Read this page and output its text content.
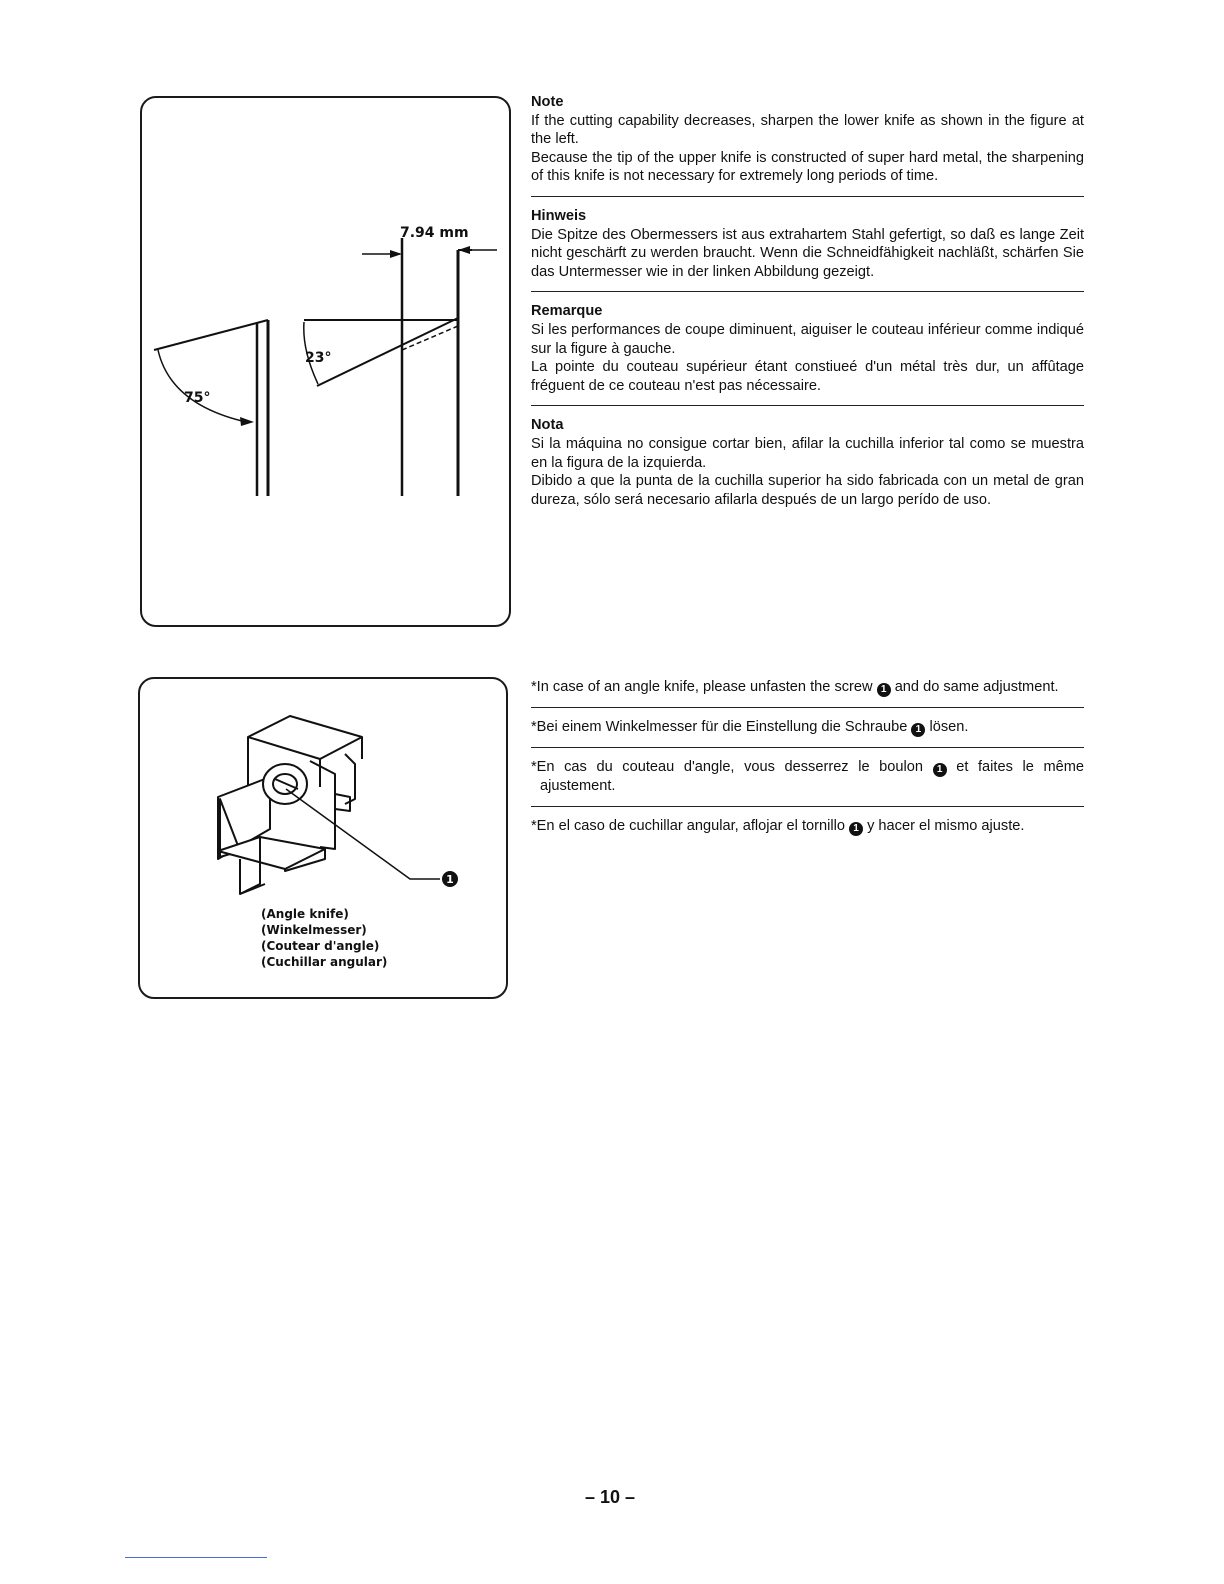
7.94 mm
23°
75°
1
(Angle knife)
(Winkelmesser)
(Coutear d'angle)
(Cuchillar angular)

Note

If the cutting capability decreases, sharpen the lower knife as shown in the figure at the left.

Because the tip of the upper knife is constructed of super hard metal, the sharpening of this knife is not necessary for extremely long periods of time.

Hinweis

Die Spitze des Obermessers ist aus extrahartem Stahl gefertigt, so daß es lange Zeit nicht geschärft zu werden braucht. Wenn die Schneidfähigkeit nachläßt, schärfen Sie das Untermesser wie in der linken Abbildung gezeigt.

Remarque

Si les performances de coupe diminuent, aiguiser le couteau inférieur comme indiqué sur la figure à gauche.

La pointe du couteau supérieur étant constiueé d'un métal très dur, un affûtage fréguent de ce couteau n'est pas nécessaire.

Nota

Si la máquina no consigue cortar bien, afilar la cuchilla inferior tal como se muestra en la figura de la izquierda.

Dibido a que la punta de la cuchilla superior ha sido fabricada con un metal de gran dureza, sólo será necesario afilarla después de un largo perído de uso.

*In case of an angle knife, please unfasten the screw 1 and do same adjustment.

*Bei einem Winkelmesser für die Einstellung die Schraube 1 lösen.

*En cas du couteau d'angle, vous desserrez le boulon 1 et faites le même ajustement.

*En el caso de cuchillar angular, aflojar el tornillo 1 y hacer el mismo ajuste.

– 10 –
